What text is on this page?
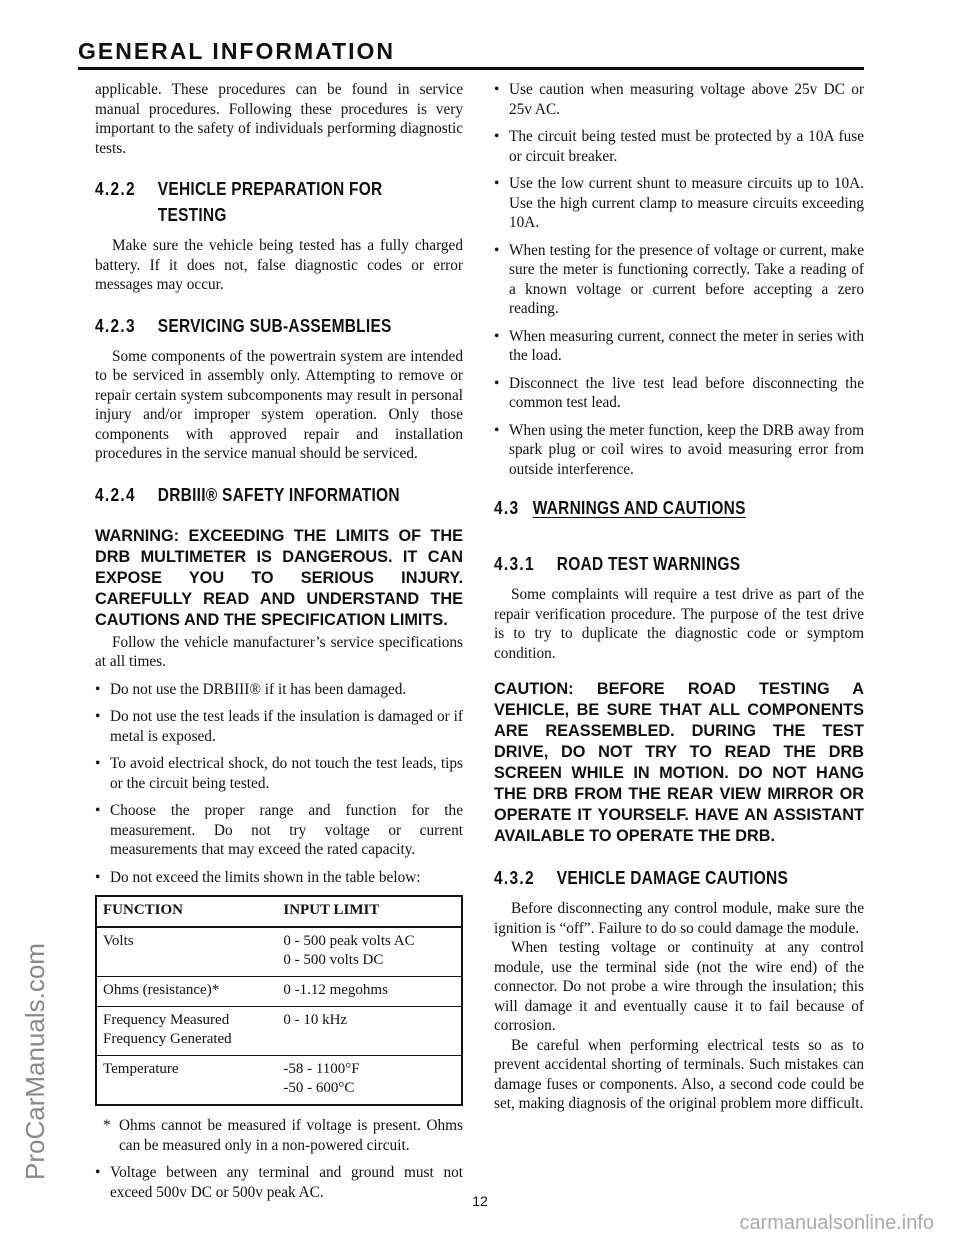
GENERAL INFORMATION
ProCarManuals.com

applicable. These procedures can be found in service manual procedures. Following these procedures is very important to the safety of individuals performing diagnostic tests.

4.2.2 VEHICLE PREPARATION FOR
TESTING

Make sure the vehicle being tested has a fully charged battery. If it does not, false diagnostic codes or error messages may occur.

4.2.3 SERVICING SUB-ASSEMBLIES

Some components of the powertrain system are intended to be serviced in assembly only. Attempting to remove or repair certain system subcomponents may result in personal injury and/or improper system operation. Only those components with approved repair and installation procedures in the service manual should be serviced.

4.2.4 DRBIII® SAFETY INFORMATION
WARNING: EXCEEDING THE LIMITS OF THE DRB MULTIMETER IS DANGEROUS. IT CAN EXPOSE YOU TO SERIOUS INJURY. CAREFULLY READ AND UNDERSTAND THE CAUTIONS AND THE SPECIFICATION LIMITS.

Follow the vehicle manufacturer’s service specifications at all times.

• Do not use the DRBIII® if it has been damaged.
• Do not use the test leads if the insulation is damaged or if metal is exposed.
• To avoid electrical shock, do not touch the test leads, tips or the circuit being tested.
• Choose the proper range and function for the measurement. Do not try voltage or current measurements that may exceed the rated capacity.
• Do not exceed the limits shown in the table below:
FUNCTION	INPUT LIMIT

Volts	0 - 500 peak volts AC
0 - 500 volts DC

Ohms (resistance)*	0 -1.12 megohms

Frequency Measured
Frequency Generated	0 - 10 kHz

Temperature	-58 - 1100°F
-50 - 600°C
* Ohms cannot be measured if voltage is present. Ohms can be measured only in a non-powered circuit.
• Voltage between any terminal and ground must not exceed 500v DC or 500v peak AC.
• Use caution when measuring voltage above 25v DC or 25v AC.
• The circuit being tested must be protected by a 10A fuse or circuit breaker.
• Use the low current shunt to measure circuits up to 10A. Use the high current clamp to measure circuits exceeding 10A.
• When testing for the presence of voltage or current, make sure the meter is functioning correctly. Take a reading of a known voltage or current before accepting a zero reading.
• When measuring current, connect the meter in series with the load.
• Disconnect the live test lead before disconnecting the common test lead.
• When using the meter function, keep the DRB away from spark plug or coil wires to avoid measuring error from outside interference.
4.3 WARNINGS AND CAUTIONS
4.3.1 ROAD TEST WARNINGS

Some complaints will require a test drive as part of the repair verification procedure. The purpose of the test drive is to try to duplicate the diagnostic code or symptom condition.

CAUTION: BEFORE ROAD TESTING A VEHICLE, BE SURE THAT ALL COMPONENTS ARE REASSEMBLED. DURING THE TEST DRIVE, DO NOT TRY TO READ THE DRB SCREEN WHILE IN MOTION. DO NOT HANG THE DRB FROM THE REAR VIEW MIRROR OR OPERATE IT YOURSELF. HAVE AN ASSISTANT AVAILABLE TO OPERATE THE DRB.
4.3.2 VEHICLE DAMAGE CAUTIONS

Before disconnecting any control module, make sure the ignition is “off”. Failure to do so could damage the module.

When testing voltage or continuity at any control module, use the terminal side (not the wire end) of the connector. Do not probe a wire through the insulation; this will damage it and eventually cause it to fail because of corrosion.

Be careful when performing electrical tests so as to prevent accidental shorting of terminals. Such mistakes can damage fuses or components. Also, a second code could be set, making diagnosis of the original problem more difficult.

12
carmanualsonline.info
